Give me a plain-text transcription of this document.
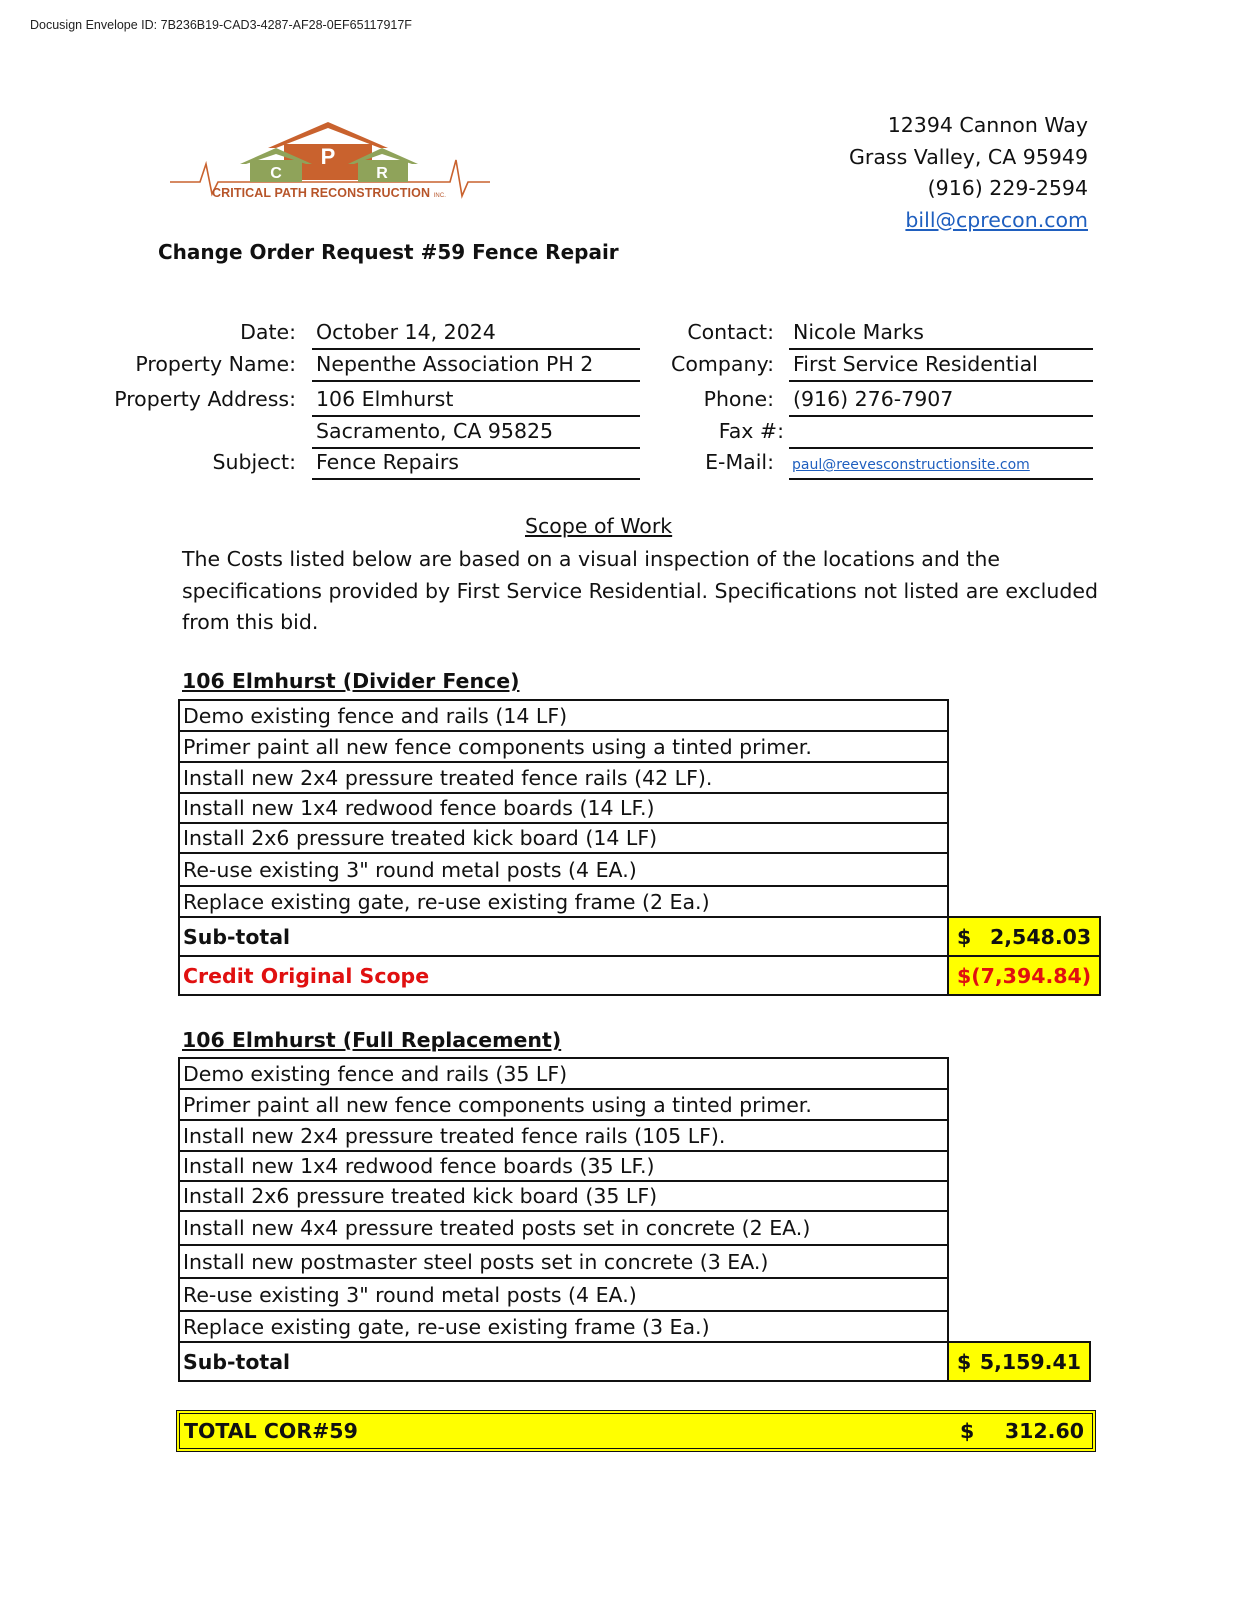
Docusign Envelope ID: 7B236B19-CAD3-4287-AF28-0EF65117917F
P
C	R
CRITICAL PATH RECONSTRUCTION INC.
12394 Cannon Way
Grass Valley, CA 95949
(916) 229-2594
bill@cprecon.com
Change Order Request #59 Fence Repair
Date: October 14, 2024
Property Name: Nepenthe Association PH 2
Property Address: 106 Elmhurst
Sacramento, CA 95825
Subject: Fence Repairs
Contact: Nicole Marks
Company: First Service Residential
Phone: (916) 276-7907
Fax #:
E-Mail: paul@reevesconstructionsite.com
Scope of Work
The Costs listed below are based on a visual inspection of the locations and the specifications provided by First Service Residential. Specifications not listed are excluded from this bid.
106 Elmhurst (Divider Fence)
Demo existing fence and rails (14 LF)	
Primer paint all new fence components using a tinted primer.	
Install new 2x4 pressure treated fence rails (42 LF).	
Install new 1x4 redwood fence boards (14 LF.)	
Install 2x6 pressure treated kick board (14 LF)	
Re-use existing 3" round metal posts (4 EA.)	
Replace existing gate, re-use existing frame (2 Ea.)	
Sub-total	$ 2,548.03

Credit Original Scope	$ (7,394.84)
106 Elmhurst (Full Replacement)
Demo existing fence and rails (35 LF)	
Primer paint all new fence components using a tinted primer.	
Install new 2x4 pressure treated fence rails (105 LF).	
Install new 1x4 redwood fence boards (35 LF.)	
Install 2x6 pressure treated kick board (35 LF)	
Install new 4x4 pressure treated posts set in concrete (2 EA.)	
Install new postmaster steel posts set in concrete (3 EA.)	
Re-use existing 3" round metal posts (4 EA.)	
Replace existing gate, re-use existing frame (3 Ea.)	
Sub-total	$ 5,159.41
TOTAL COR#59	$ 312.60
